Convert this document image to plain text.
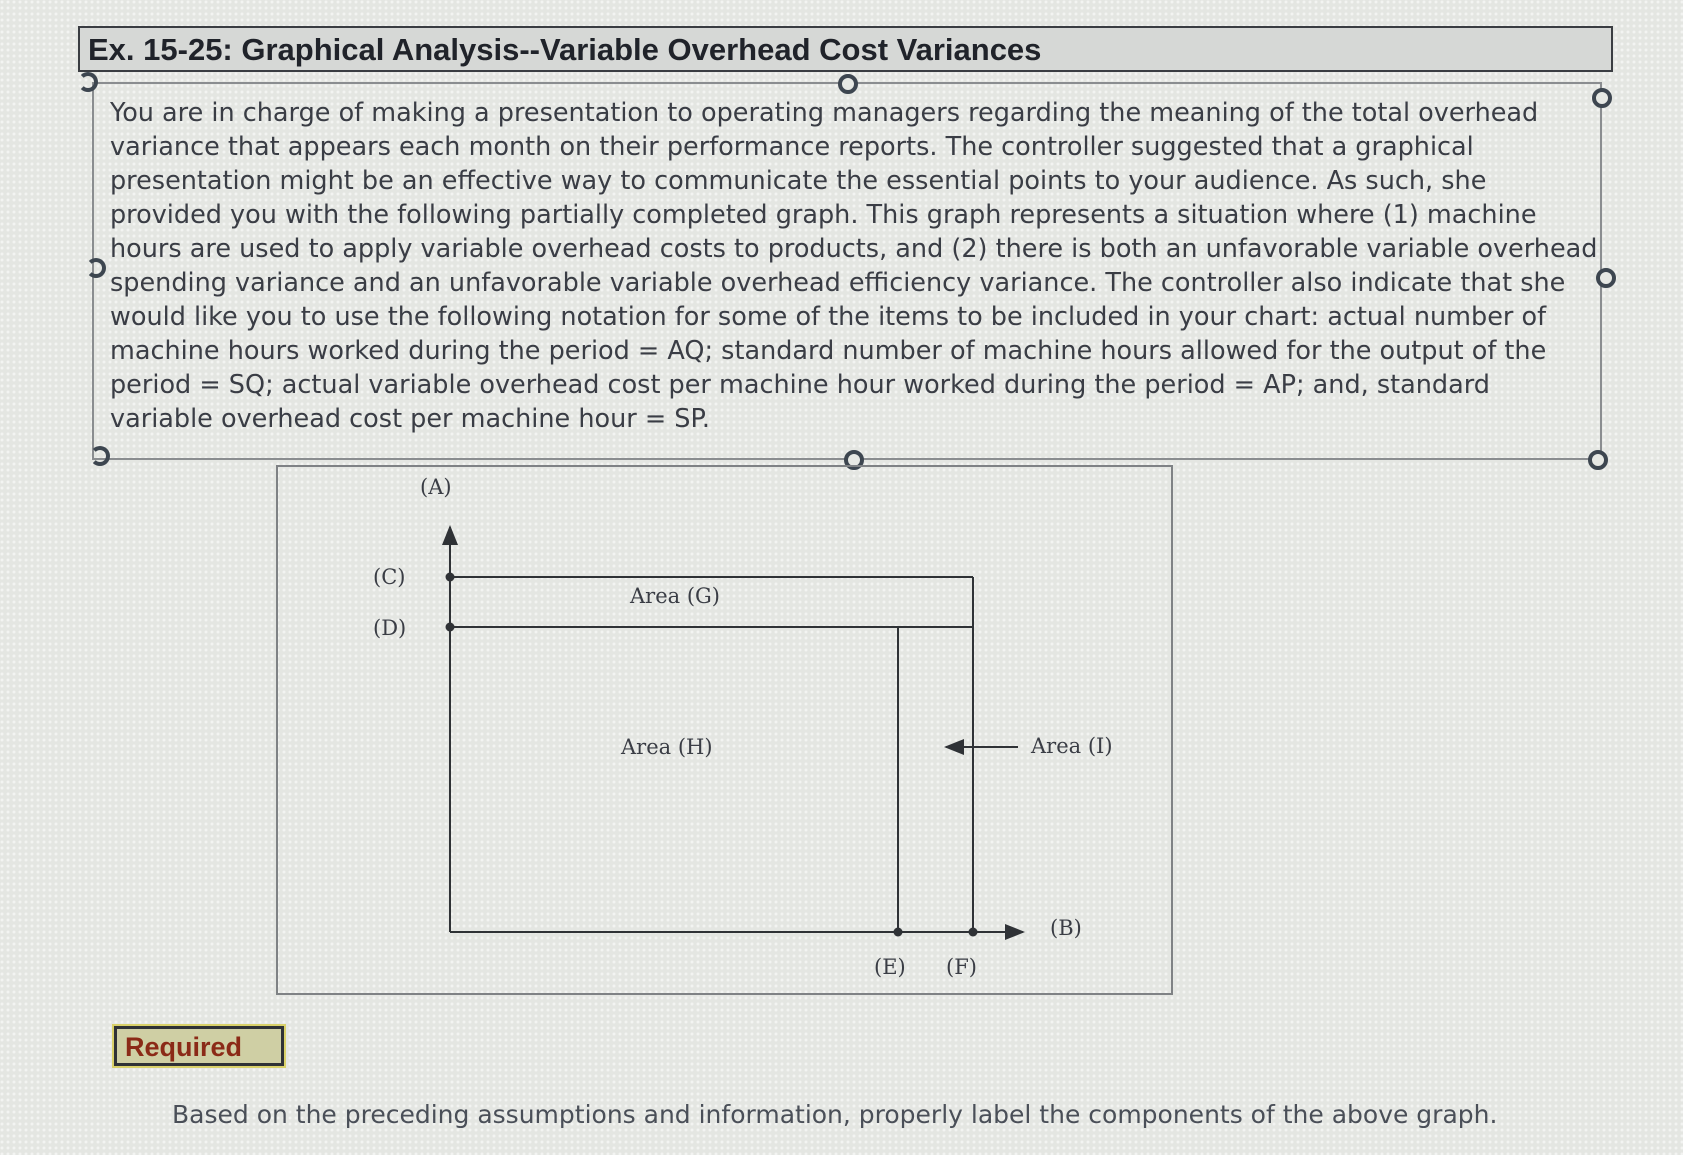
Ex. 15-25: Graphical Analysis--Variable Overhead Cost Variances

You are in charge of making a presentation to operating managers regarding the meaning of the total overhead variance that appears each month on their performance reports. The controller suggested that a graphical presentation might be an effective way to communicate the essential points to your audience. As such, she provided you with the following partially completed graph. This graph represents a situation where (1) machine hours are used to apply variable overhead costs to products, and (2) there is both an unfavorable variable overhead spending variance and an unfavorable variable overhead efficiency variance. The controller also indicate that she would like you to use the following notation for some of the items to be included in your chart: actual number of machine hours worked during the period = AQ; standard number of machine hours allowed for the output of the period = SQ; actual variable overhead cost per machine hour worked during the period = AP; and, standard variable overhead cost per machine hour = SP.

(A)
(C)
(D)
Area (G)
Area (H)	Area (I)
(B)
(E) (F)
Required
Based on the preceding assumptions and information, properly label the components of the above graph.
